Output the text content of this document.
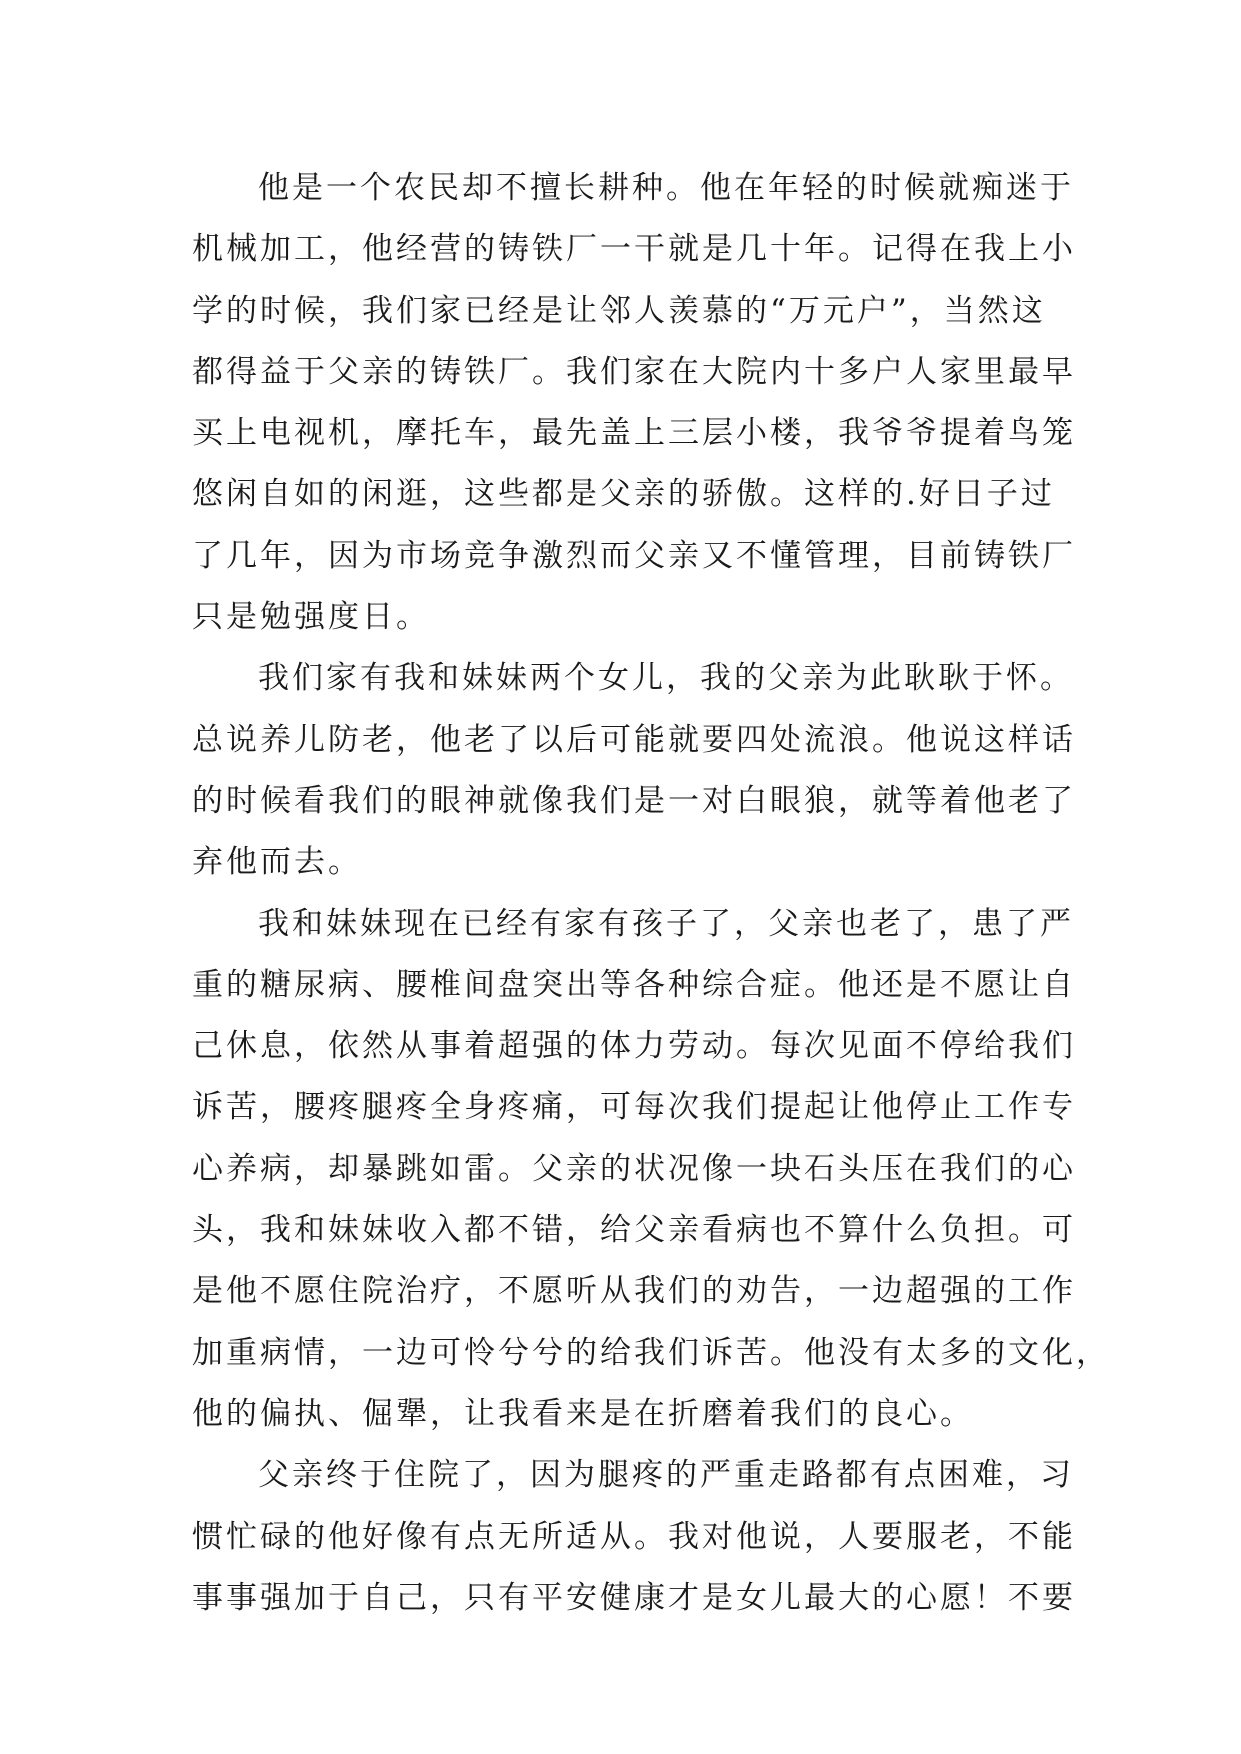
他是一个农民却不擅长耕种。他在年轻的时候就痴迷于
机械加工，他经营的铸铁厂一干就是几十年。记得在我上小
学的时候，我们家已经是让邻人羡慕的“万元户”，当然这
都得益于父亲的铸铁厂。我们家在大院内十多户人家里最早
买上电视机，摩托车，最先盖上三层小楼，我爷爷提着鸟笼
悠闲自如的闲逛，这些都是父亲的骄傲。这样的.好日子过
了几年，因为市场竞争激烈而父亲又不懂管理，目前铸铁厂
只是勉强度日。
我们家有我和妹妹两个女儿，我的父亲为此耿耿于怀。
总说养儿防老，他老了以后可能就要四处流浪。他说这样话
的时候看我们的眼神就像我们是一对白眼狼，就等着他老了
弃他而去。
我和妹妹现在已经有家有孩子了，父亲也老了，患了严
重的糖尿病、腰椎间盘突出等各种综合症。他还是不愿让自
己休息，依然从事着超强的体力劳动。每次见面不停给我们
诉苦，腰疼腿疼全身疼痛，可每次我们提起让他停止工作专
心养病，却暴跳如雷。父亲的状况像一块石头压在我们的心
头，我和妹妹收入都不错，给父亲看病也不算什么负担。可
是他不愿住院治疗，不愿听从我们的劝告，一边超强的工作
加重病情，一边可怜兮兮的给我们诉苦。他没有太多的文化，
他的偏执、倔犟，让我看来是在折磨着我们的良心。
父亲终于住院了，因为腿疼的严重走路都有点困难，习
惯忙碌的他好像有点无所适从。我对他说，人要服老，不能
事事强加于自己，只有平安健康才是女儿最大的心愿！不要
